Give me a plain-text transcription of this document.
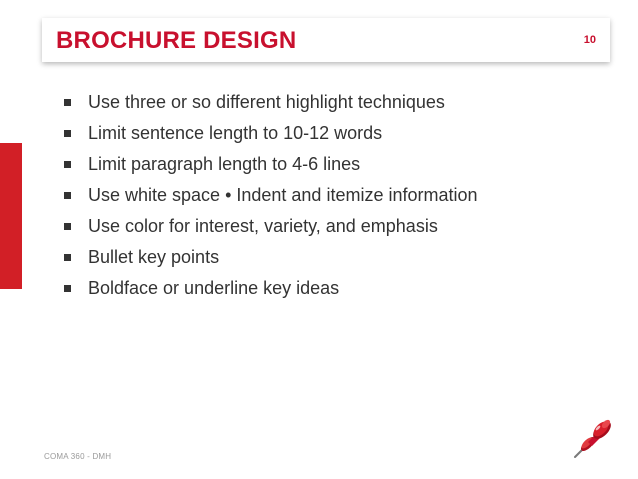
BROCHURE DESIGN	10
Use three or so different highlight techniques
Limit sentence length to 10-12 words
Limit paragraph length to 4-6 lines
Use white space • Indent and itemize information
Use color for interest, variety, and emphasis
Bullet key points
Boldface or underline key ideas
COMA 360 - DMH
